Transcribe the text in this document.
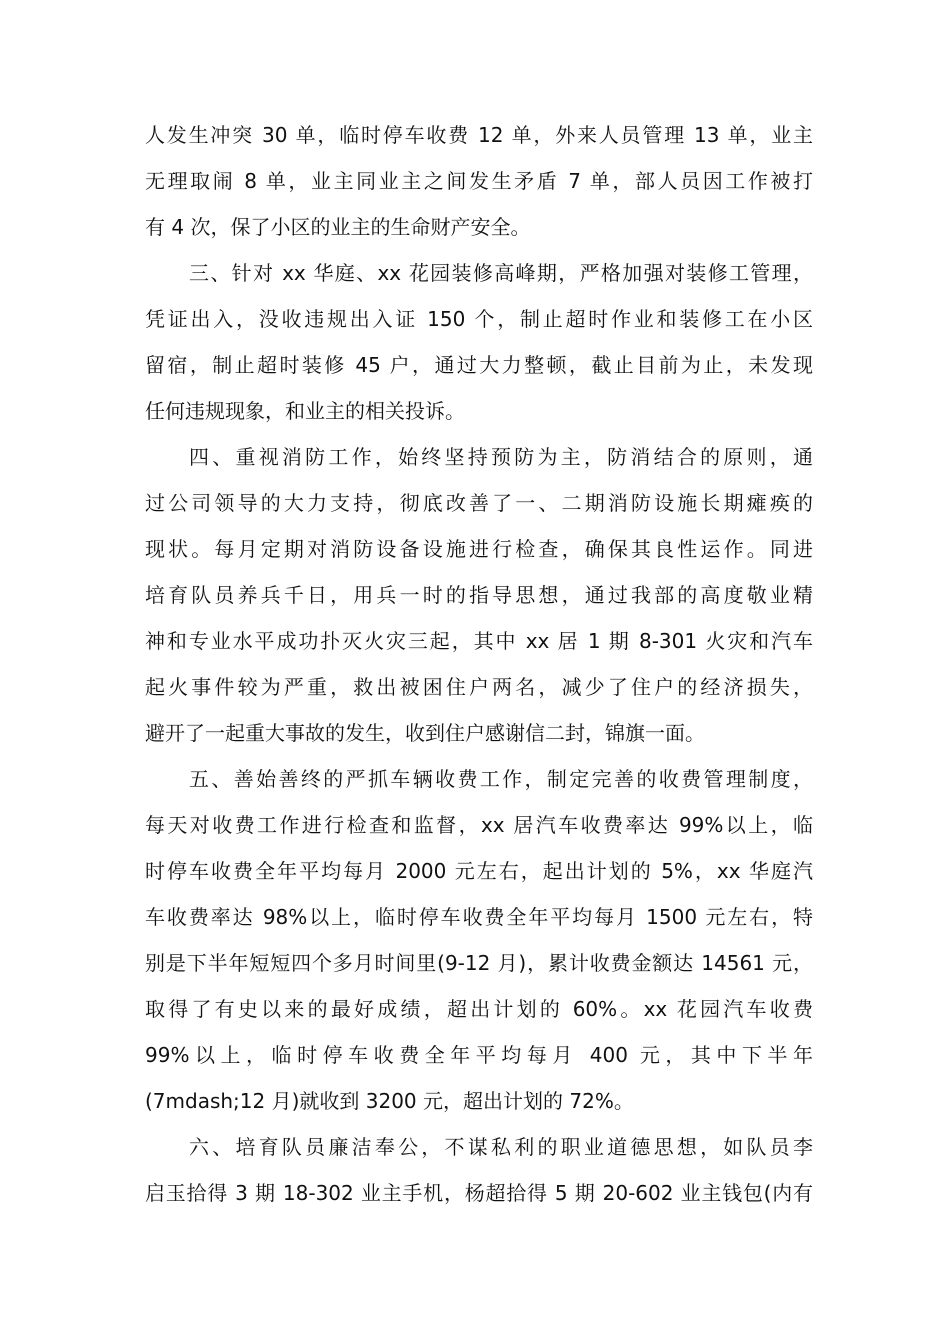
人发生冲突 30 单，临时停车收费 12 单，外来人员管理 13 单，业主
无理取闹 8 单，业主同业主之间发生矛盾 7 单，部人员因工作被打
有 4 次，保了小区的业主的生命财产安全。
三、针对 xx 华庭、xx 花园装修高峰期，严格加强对装修工管理，
凭证出入，没收违规出入证 150 个，制止超时作业和装修工在小区
留宿，制止超时装修 45 户，通过大力整顿，截止目前为止，未发现
任何违规现象，和业主的相关投诉。
四、重视消防工作，始终坚持预防为主，防消结合的原则，通
过公司领导的大力支持，彻底改善了一、二期消防设施长期瘫痪的
现状。每月定期对消防设备设施进行检查，确保其良性运作。同进
培育队员养兵千日，用兵一时的指导思想，通过我部的高度敬业精
神和专业水平成功扑灭火灾三起，其中 xx 居 1 期 8-301 火灾和汽车
起火事件较为严重，救出被困住户两名，减少了住户的经济损失，
避开了一起重大事故的发生，收到住户感谢信二封，锦旗一面。
五、善始善终的严抓车辆收费工作，制定完善的收费管理制度，
每天对收费工作进行检查和监督，xx 居汽车收费率达 99%以上，临
时停车收费全年平均每月 2000 元左右，起出计划的 5%，xx 华庭汽
车收费率达 98%以上，临时停车收费全年平均每月 1500 元左右，特
别是下半年短短四个多月时间里(9-12 月)，累计收费金额达 14561 元，
取得了有史以来的最好成绩，超出计划的 60%。xx 花园汽车收费
99%以上，临时停车收费全年平均每月 400 元，其中下半年
(7mdash;12 月)就收到 3200 元，超出计划的 72%。
六、培育队员廉洁奉公，不谋私利的职业道德思想，如队员李
启玉拾得 3 期 18-302 业主手机，杨超拾得 5 期 20-602 业主钱包(内有
